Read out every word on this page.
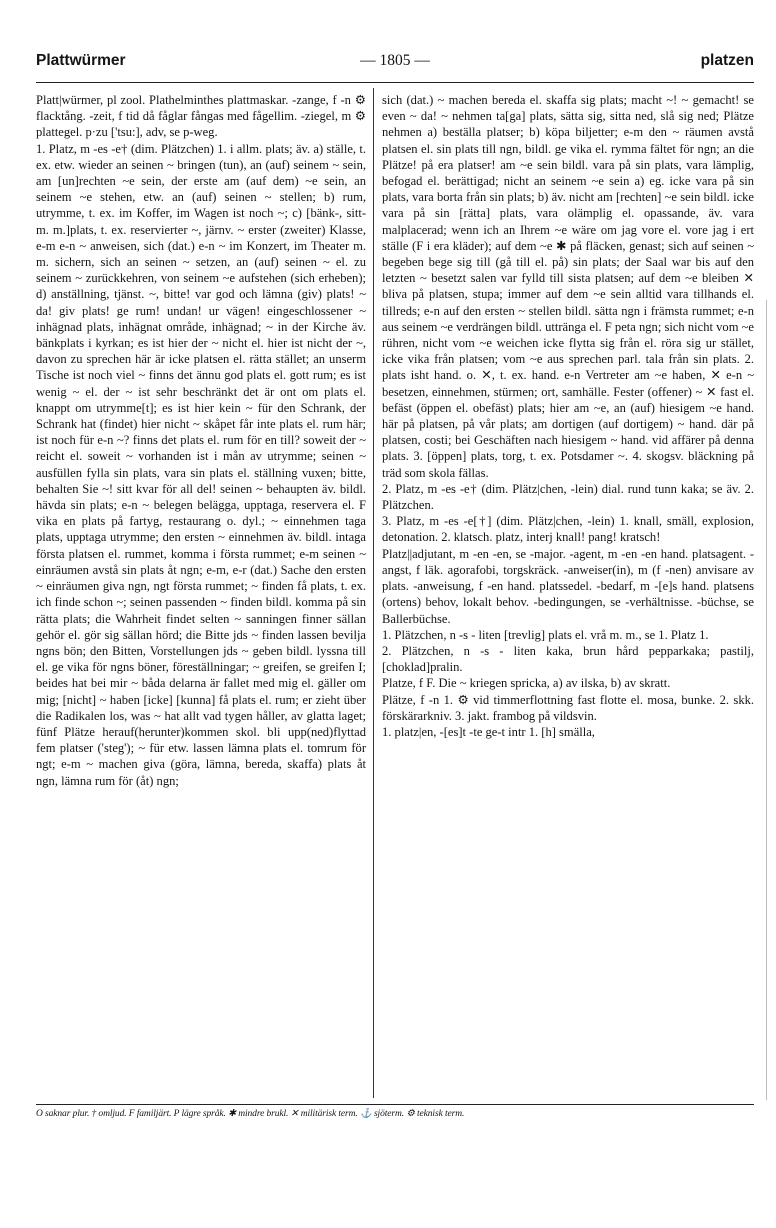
— 1805 —
Plattwürmer	platzen

Platt|würmer, pl zool. Plathelminthes plattmaskar. -zange, f -n ⚙ flacktång. -zeit, f tid då fåglar fångas med fågellim. -ziegel, m ⚙ plattegel. p·zu ['tsu:], adv, se p-weg.

1. Platz, m -es -e† (dim. Plätzchen) 1. i allm. plats; äv. a) ställe, t. ex. etw. wieder an seinen ~ bringen (tun), an (auf) seinem ~ sein, am [un]rechten ~e sein, der erste am (auf dem) ~e sein, an seinem ~e stehen, etw. an (auf) seinen ~ stellen; b) rum, utrymme, t. ex. im Koffer, im Wagen ist noch ~; c) [bänk-, sitt- m. m.]plats, t. ex. reservierter ~, järnv. ~ erster (zweiter) Klasse, e-m e-n ~ anweisen, sich (dat.) e-n ~ im Konzert, im Theater m. m. sichern, sich an seinen ~ setzen, an (auf) seinen ~ el. zu seinem ~ zurückkehren, von seinem ~e aufstehen (sich erheben); d) anställning, tjänst. ~, bitte! var god och lämna (giv) plats! ~ da! giv plats! ge rum! undan! ur vägen! eingeschlossener ~ inhägnad plats, inhägnat område, inhägnad; ~ in der Kirche äv. bänkplats i kyrkan; es ist hier der ~ nicht el. hier ist nicht der ~, davon zu sprechen här är icke platsen el. rätta stället; an unserm Tische ist noch viel ~ finns det ännu god plats el. gott rum; es ist wenig ~ el. der ~ ist sehr beschränkt det är ont om plats el. knappt om utrymme[t]; es ist hier kein ~ für den Schrank, der Schrank hat (findet) hier nicht ~ skåpet får inte plats el. rum här; ist noch für e-n ~? finns det plats el. rum för en till? soweit der ~ reicht el. soweit ~ vorhanden ist i mån av utrymme; seinen ~ ausfüllen fylla sin plats, vara sin plats el. ställning vuxen; bitte, behalten Sie ~! sitt kvar för all del! seinen ~ behaupten äv. bildl. hävda sin plats; e-n ~ belegen belägga, upptaga, reservera el. F vika en plats på fartyg, restaurang o. dyl.; ~ einnehmen taga plats, upptaga utrymme; den ersten ~ einnehmen äv. bildl. intaga första platsen el. rummet, komma i första rummet; e-m seinen ~ einräumen avstå sin plats åt ngn; e-m, e-r (dat.) Sache den ersten ~ einräumen giva ngn, ngt första rummet; ~ finden få plats, t. ex. ich finde schon ~; seinen passenden ~ finden bildl. komma på sin rätta plats; die Wahrheit findet selten ~ sanningen finner sällan gehör el. gör sig sällan hörd; die Bitte jds ~ finden lassen bevilja ngns bön; den Bitten, Vorstellungen jds ~ geben bildl. lyssna till el. ge vika för ngns böner, föreställningar; ~ greifen, se greifen I; beides hat bei mir ~ båda delarna är fallet med mig el. gäller om mig; [nicht] ~ haben [icke] [kunna] få plats el. rum; er zieht über die Radikalen los, was ~ hat allt vad tygen håller, av glatta laget; fünf Plätze herauf(herunter)kommen skol. bli upp(ned)flyttad fem platser ('steg'); ~ für etw. lassen lämna plats el. tomrum för ngt; e-m ~ machen giva (göra, lämna, bereda, skaffa) plats åt ngn, lämna rum för (åt) ngn;

sich (dat.) ~ machen bereda el. skaffa sig plats; macht ~! ~ gemacht! se even ~ da! ~ nehmen ta[ga] plats, sätta sig, sitta ned, slå sig ned; Plätze nehmen a) beställa platser; b) köpa biljetter; e-m den ~ räumen avstå platsen el. sin plats till ngn, bildl. ge vika el. rymma fältet för ngn; an die Plätze! på era platser! am ~e sein bildl. vara på sin plats, vara lämplig, befogad el. berättigad; nicht an seinem ~e sein a) eg. icke vara på sin plats, vara borta från sin plats; b) äv. nicht am [rechten] ~e sein bildl. icke vara på sin [rätta] plats, vara olämplig el. opassande, äv. vara malplacerad; wenn ich an Ihrem ~e wäre om jag vore el. vore jag i ert ställe (F i era kläder); auf dem ~e ✱ på fläcken, genast; sich auf seinen ~ begeben bege sig till (gå till el. på) sin plats; der Saal war bis auf den letzten ~ besetzt salen var fylld till sista platsen; auf dem ~e bleiben ✕ bliva på platsen, stupa; immer auf dem ~e sein alltid vara tillhands el. tillreds; e-n auf den ersten ~ stellen bildl. sätta ngn i främsta rummet; e-n aus seinem ~e verdrängen bildl. uttränga el. F peta ngn; sich nicht vom ~e rühren, nicht vom ~e weichen icke flytta sig från el. röra sig ur stället, icke vika från platsen; vom ~e aus sprechen parl. tala från sin plats. 2. plats isht hand. o. ✕, t. ex. hand. e-n Vertreter am ~e haben, ✕ e-n ~ besetzen, einnehmen, stürmen; ort, samhälle. Fester (offener) ~ ✕ fast el. befäst (öppen el. obefäst) plats; hier am ~e, an (auf) hiesigem ~e hand. här på platsen, på vår plats; am dortigen (auf dortigem) ~ hand. där på platsen, costi; bei Geschäften nach hiesigem ~ hand. vid affärer på denna plats. 3. [öppen] plats, torg, t. ex. Potsdamer ~. 4. skogsv. bläckning på träd som skola fällas.

2. Platz, m -es -e† (dim. Plätz|chen, -lein) dial. rund tunn kaka; se äv. 2. Plätzchen.

3. Platz, m -es -e[†] (dim. Plätz|chen, -lein) 1. knall, smäll, explosion, detonation. 2. klatsch. platz, interj knall! pang! kratsch!

Platz||adjutant, m -en -en, se -major. -agent, m -en -en hand. platsagent. -angst, f läk. agorafobi, torgskräck. -anweiser(in), m (f -nen) anvisare av plats. -anweisung, f -en hand. platssedel. -bedarf, m -[e]s hand. platsens (ortens) behov, lokalt behov. -bedingungen, se -verhältnisse. -büchse, se Ballerbüchse.

1. Plätzchen, n -s - liten [trevlig] plats el. vrå m. m., se 1. Platz 1.

2. Plätzchen, n -s - liten kaka, brun hård pepparkaka; pastilj, [choklad]pralin.

Platze, f F. Die ~ kriegen spricka, a) av ilska, b) av skratt.

Plätze, f -n 1. ⚙ vid timmerflottning fast flotte el. mosa, bunke. 2. skk. förskärarkniv. 3. jakt. frambog på vildsvin.

1. platz|en, -[es]t -te ge-t intr 1. [h] smälla,

O saknar plur. † omljud. F familjärt. P lägre språk. ✱ mindre brukl. ✕ militärisk term. ⚓ sjöterm. ⚙ teknisk term.
